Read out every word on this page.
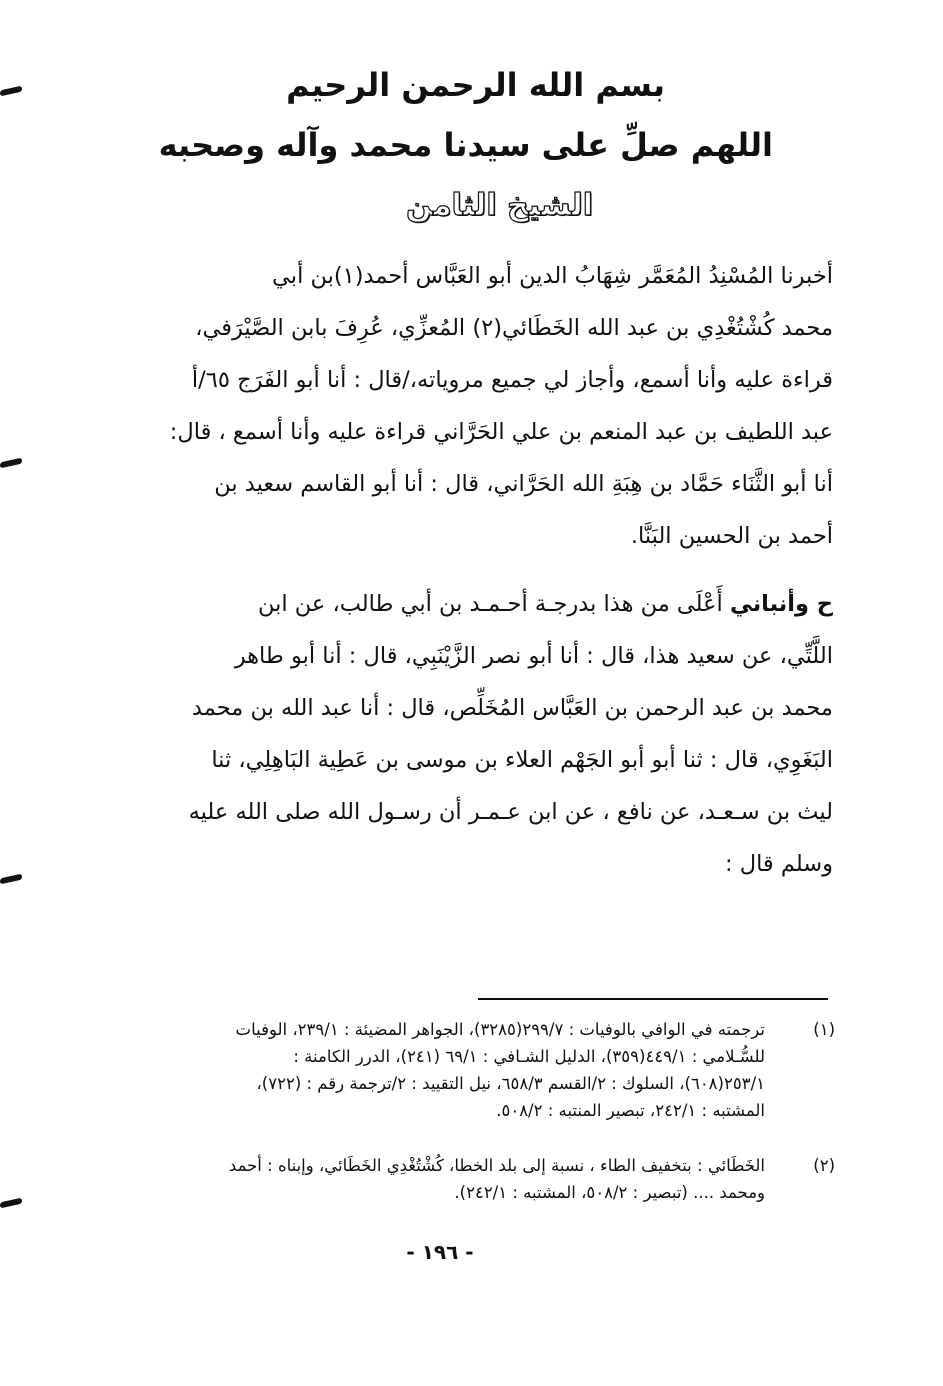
بسم الله الرحمن الرحيم
اللهم صلِّ على سيدنا محمد وآله وصحبه
الشيخ الثامن
أخبرنا المُسْنِدُ المُعَمَّر شِهَابُ الدين أبو العَبَّاس أحمد(١)بن أبي
محمد كُشْتُغْدِي بن عبد الله الخَطَائي(٢) المُعزِّي، عُرِفَ بابن الصَّيْرَفي،
قراءة عليه وأنا أسمع، وأجاز لي جميع مروياته،/قال : أنا أبو الفَرَج ٦٥/أ
عبد اللطيف بن عبد المنعم بن علي الحَرَّاني قراءة عليه وأنا أسمع ، قال:
أنا أبو الثَّنَاء حَمَّاد بن هِبَةِ الله الحَرَّاني، قال : أنا أبو القاسم سعيد بن
أحمد بن الحسين البَنَّا.
ح وأنباني أَعْلَى من هذا بدرجـة أحـمـد بن أبي طالب، عن ابن
اللَّتِّي، عن سعيد هذا، قال : أنا أبو نصر الزَّيْنَبِي، قال : أنا أبو طاهر
محمد بن عبد الرحمن بن العَبَّاس المُخَلِّص، قال : أنا عبد الله بن محمد
البَغَوِي، قال : ثنا أبو أبو الجَهْم العلاء بن موسى بن عَطِية البَاهِلِي، ثنا
ليث بن سـعـد، عن نافع ، عن ابن عـمـر أن رسـول الله صلى الله عليه
وسلم قال :
(١)
ترجمته في الوافي بالوفيات : ٢٩٩/٧(٣٢٨٥)، الجواهر المضيئة : ٢٣٩/١، الوفيات
للسُّـلامي : ٤٤٩/١(٣٥٩)، الدليل الشـافي : ٦٩/١ (٢٤١)، الدرر الكامنة :
٢٥٣/١(٦٠٨)، السلوك : ٢/القسم ٦٥٨/٣، نيل التقييد : ٢/ترجمة رقم : (٧٢٢)،
المشتبه : ٢٤٢/١، تبصير المنتبه : ٥٠٨/٢.
(٢)
الخَطَائي : بتخفيف الطاء ، نسبة إلى بلد الخطا، كُشْتُغْدِي الخَطَائي، وإبناه : أحمد
ومحمد .... (تبصير : ٥٠٨/٢، المشتبه : ٢٤٢/١).
- ١٩٦ -
